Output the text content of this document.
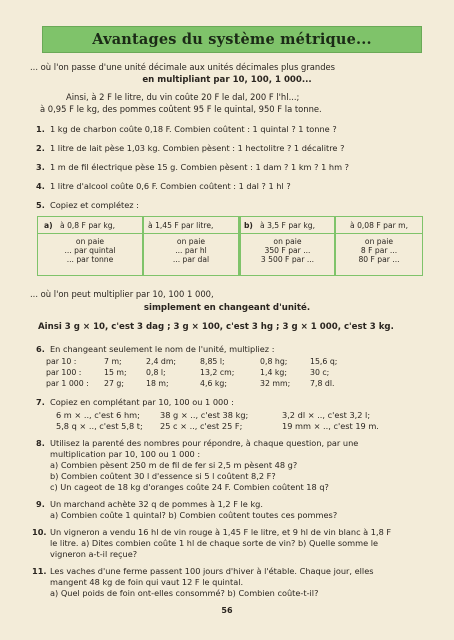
Avantages du système métrique...
... où l'on passe d'une unité décimale aux unités décimales plus grandes
en multipliant par 10, 100, 1 000...
Ainsi, à 2 F le litre, du vin coûte 20 F le dal, 200 F l'hl...;
à 0,95 F le kg, des pommes coûtent 95 F le quintal, 950 F la tonne.
1. 1 kg de charbon coûte 0,18 F. Combien coûtent : 1 quintal ? 1 tonne ?
2. 1 litre de lait pèse 1,03 kg. Combien pèsent : 1 hectolitre ? 1 décalitre ?
3. 1 m de fil électrique pèse 15 g. Combien pèsent : 1 dam ? 1 km ? 1 hm ?
4. 1 litre d'alcool coûte 0,6 F. Combien coûtent : 1 dal ? 1 hl ?
5. Copiez et complétez :
a) à 0,8 F par kg,	à 1,45 F par litre,	b) à 3,5 F par kg,	à 0,08 F par m,
on paie
... par quintal
... par tonne
on paie
... par hl
... par dal
on paie
350 F par ...
3 500 F par ...
on paie
8 F par ...
80 F par ...
... où l'on peut multiplier par 10, 100 1 000,
simplement en changeant d'unité.
Ainsi 3 g × 10, c'est 3 dag ; 3 g × 100, c'est 3 hg ; 3 g × 1 000, c'est 3 kg.
6. En changeant seulement le nom de l'unité, multipliez :
par 10 :	7 m;	2,4 dm;	8,85 l;	0,8 hg;	15,6 q;
par 100 :	15 m; 0,8 l;	13,2 cm;	1,4 kg;	30 c;
par 1 000 : 27 g;	18 m;	4,6 kg;	32 mm;	7,8 dl.
7. Copiez en complétant par 10, 100 ou 1 000 :
6 m × .., c'est 6 hm; 38 g × .., c'est 38 kg;	3,2 dl × .., c'est 3,2 l;
5,8 q × .., c'est 5,8 t; 25 c × .., c'est 25 F;	19 mm × .., c'est 19 m.
8. Utilisez la parenté des nombres pour répondre, à chaque question, par une
multiplication par 10, 100 ou 1 000 :
a) Combien pèsent 250 m de fil de fer si 2,5 m pèsent 48 g?
b) Combien coûtent 30 l d'essence si 5 l coûtent 8,2 F?
c) Un cageot de 18 kg d'oranges coûte 24 F. Combien coûtent 18 q?
9. Un marchand achète 32 q de pommes à 1,2 F le kg.
a) Combien coûte 1 quintal? b) Combien coûtent toutes ces pommes?
10. Un vigneron a vendu 16 hl de vin rouge à 1,45 F le litre, et 9 hl de vin blanc à 1,8 F
le litre. a) Dites combien coûte 1 hl de chaque sorte de vin? b) Quelle somme le
vigneron a-t-il reçue?
11. Les vaches d'une ferme passent 100 jours d'hiver à l'étable. Chaque jour, elles
mangent 48 kg de foin qui vaut 12 F le quintal.
a) Quel poids de foin ont-elles consommé? b) Combien coûte-t-il?
56
